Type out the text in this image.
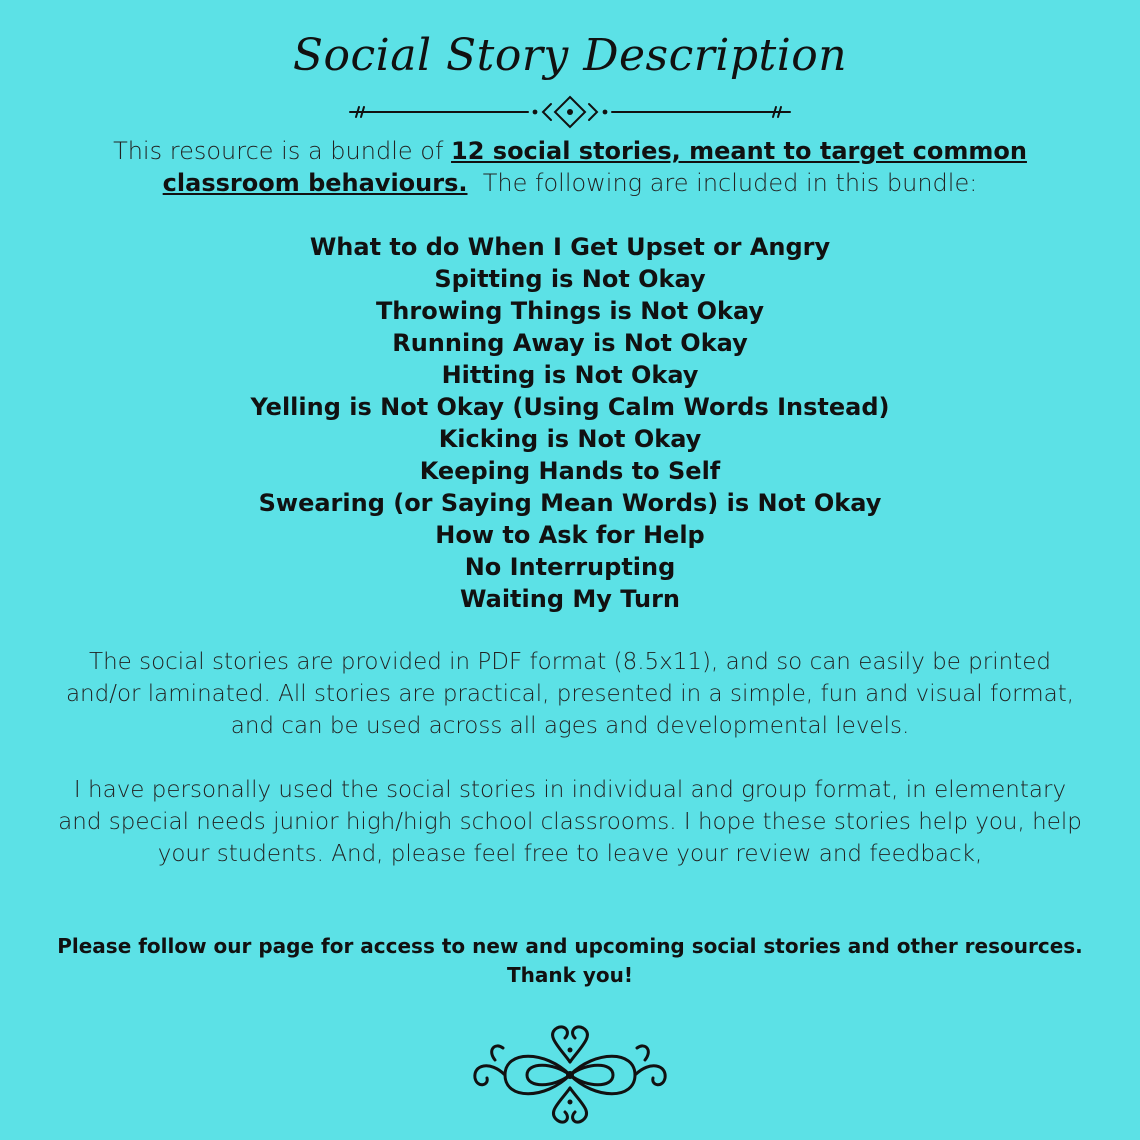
Social Story Description
This resource is a bundle of 12 social stories, meant to target common classroom behaviours.  The following are included in this bundle:
What to do When I Get Upset or Angry
Spitting is Not Okay
Throwing Things is Not Okay
Running Away is Not Okay
Hitting is Not Okay
Yelling is Not Okay (Using Calm Words Instead)
Kicking is Not Okay
Keeping Hands to Self
Swearing (or Saying Mean Words) is Not Okay
How to Ask for Help
No Interrupting
Waiting My Turn
The social stories are provided in PDF format (8.5x11), and so can easily be printed and/or laminated. All stories are practical, presented in a simple, fun and visual format, and can be used across all ages and developmental levels.
I have personally used the social stories in individual and group format, in elementary and special needs junior high/high school classrooms. I hope these stories help you, help your students. And, please feel free to leave your review and feedback,
Please follow our page for access to new and upcoming social stories and other resources.
Thank you!
